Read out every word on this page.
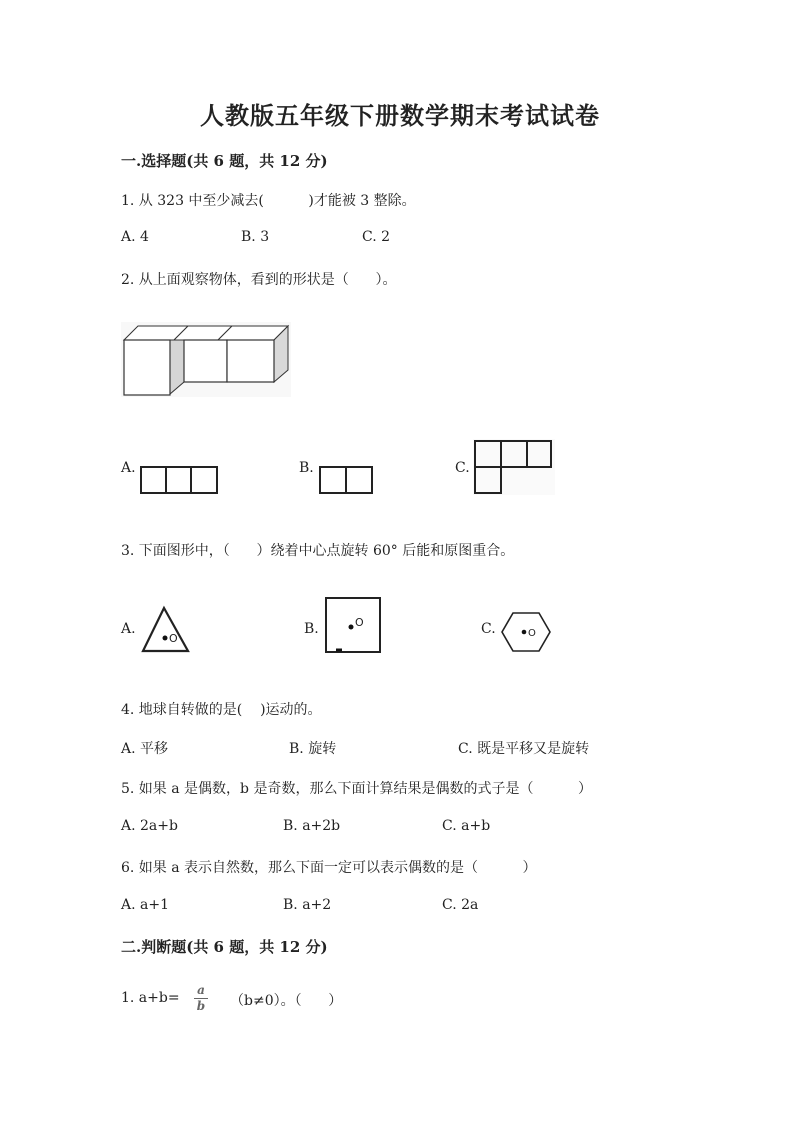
人教版五年级下册数学期末考试试卷
一.选择题(共 6 题，共 12 分)
1. 从 323 中至少减去(          )才能被 3 整除。
A. 4	B. 3	C. 2
2. 从上面观察物体，看到的形状是（      ）。
A.	B.	C.
3. 下面图形中，（      ）绕着中心点旋转 60° 后能和原图重合。
A.
O
B.	O	C.	O
4. 地球自转做的是(    )运动的。
A. 平移	B. 旋转	C. 既是平移又是旋转
5. 如果 a 是偶数，b 是奇数，那么下面计算结果是偶数的式子是（          ）
A. 2a+b	B. a+2b	C. a+b
6. 如果 a 表示自然数，那么下面一定可以表示偶数的是（          ）
A. a+1	B. a+2	C. 2a
二.判断题(共 6 题，共 12 分)
1. a+b= a
b （b≠0）。（      ）
